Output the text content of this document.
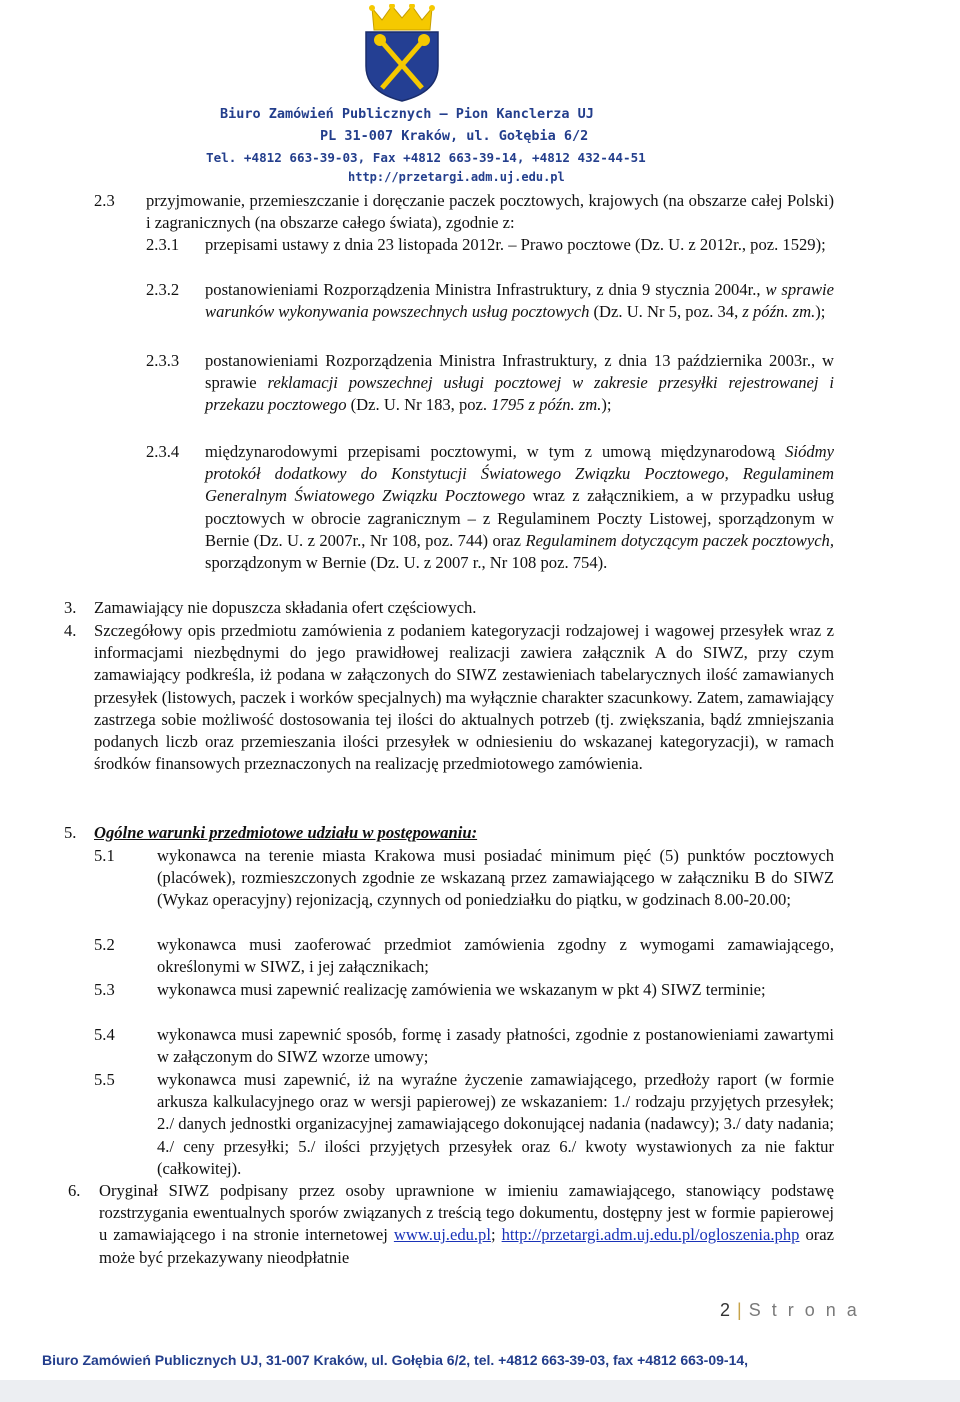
Biuro Zamówień Publicznych – Pion Kanclerza UJ
PL 31-007 Kraków, ul. Gołębia 6/2
Tel. +4812 663-39-03, Fax +4812 663-39-14, +4812 432-44-51
http://przetargi.adm.uj.edu.pl
2.3 przyjmowanie, przemieszczanie i doręczanie paczek pocztowych, krajowych (na obszarze całej Polski) i zagranicznych (na obszarze całego świata), zgodnie z:
2.3.1 przepisami ustawy z dnia 23 listopada 2012r. – Prawo pocztowe (Dz. U. z 2012r., poz. 1529);
2.3.2 postanowieniami Rozporządzenia Ministra Infrastruktury, z dnia 9 stycznia 2004r., w sprawie warunków wykonywania powszechnych usług pocztowych (Dz. U. Nr 5, poz. 34, z późn. zm.);
2.3.3 postanowieniami Rozporządzenia Ministra Infrastruktury, z dnia 13 października 2003r., w sprawie reklamacji powszechnej usługi pocztowej w zakresie przesyłki rejestrowanej i przekazu pocztowego (Dz. U. Nr 183, poz. 1795 z późn. zm.);
2.3.4 międzynarodowymi przepisami pocztowymi, w tym z umową międzynarodową Siódmy protokół dodatkowy do Konstytucji Światowego Związku Pocztowego, Regulaminem Generalnym Światowego Związku Pocztowego wraz z załącznikiem, a w przypadku usług pocztowych w obrocie zagranicznym – z Regulaminem Poczty Listowej, sporządzonym w Bernie (Dz. U. z 2007r., Nr 108, poz. 744) oraz Regulaminem dotyczącym paczek pocztowych, sporządzonym w Bernie (Dz. U. z 2007 r., Nr 108 poz. 754).
3. Zamawiający nie dopuszcza składania ofert częściowych.
4. Szczegółowy opis przedmiotu zamówienia z podaniem kategoryzacji rodzajowej i wagowej przesyłek wraz z informacjami niezbędnymi do jego prawidłowej realizacji zawiera załącznik A do SIWZ, przy czym zamawiający podkreśla, iż podana w załączonych do SIWZ zestawieniach tabelarycznych ilość zamawianych przesyłek (listowych, paczek i worków specjalnych) ma wyłącznie charakter szacunkowy. Zatem, zamawiający zastrzega sobie możliwość dostosowania tej ilości do aktualnych potrzeb (tj. zwiększania, bądź zmniejszania podanych liczb oraz przemieszania ilości przesyłek w odniesieniu do wskazanej kategoryzacji), w ramach środków finansowych przeznaczonych na realizację przedmiotowego zamówienia.
5. Ogólne warunki przedmiotowe udziału w postępowaniu:
5.1	wykonawca na terenie miasta Krakowa musi posiadać minimum pięć (5) punktów pocztowych (placówek), rozmieszczonych zgodnie ze wskazaną przez zamawiającego w załączniku B do SIWZ (Wykaz operacyjny) rejonizacją, czynnych od poniedziałku do piątku, w godzinach 8.00-20.00;
5.2	wykonawca musi zaoferować przedmiot zamówienia zgodny z wymogami zamawiającego, określonymi w SIWZ, i jej załącznikach;
5.3	wykonawca musi zapewnić realizację zamówienia we wskazanym w pkt 4) SIWZ terminie;
5.4	wykonawca musi zapewnić sposób, formę i zasady płatności, zgodnie z postanowieniami zawartymi w załączonym do SIWZ wzorze umowy;
5.5	wykonawca musi zapewnić, iż na wyraźne życzenie zamawiającego, przedłoży raport (w formie arkusza kalkulacyjnego oraz w wersji papierowej) ze wskazaniem: 1./ rodzaju przyjętych przesyłek; 2./ danych jednostki organizacyjnej zamawiającego dokonującej nadania (nadawcy); 3./ daty nadania; 4./ ceny przesyłki; 5./ ilości przyjętych przesyłek oraz 6./ kwoty wystawionych za nie faktur (całkowitej).
6. Oryginał SIWZ podpisany przez osoby uprawnione w imieniu zamawiającego, stanowiący podstawę rozstrzygania ewentualnych sporów związanych z treścią tego dokumentu, dostępny jest w formie papierowej u zamawiającego i na stronie internetowej www.uj.edu.pl; http://przetargi.adm.uj.edu.pl/ogloszenia.php oraz może być przekazywany nieodpłatnie
2 | S t r o n a
Biuro Zamówień Publicznych UJ, 31-007 Kraków, ul. Gołębia 6/2, tel. +4812 663-39-03, fax +4812 663-09-14,
